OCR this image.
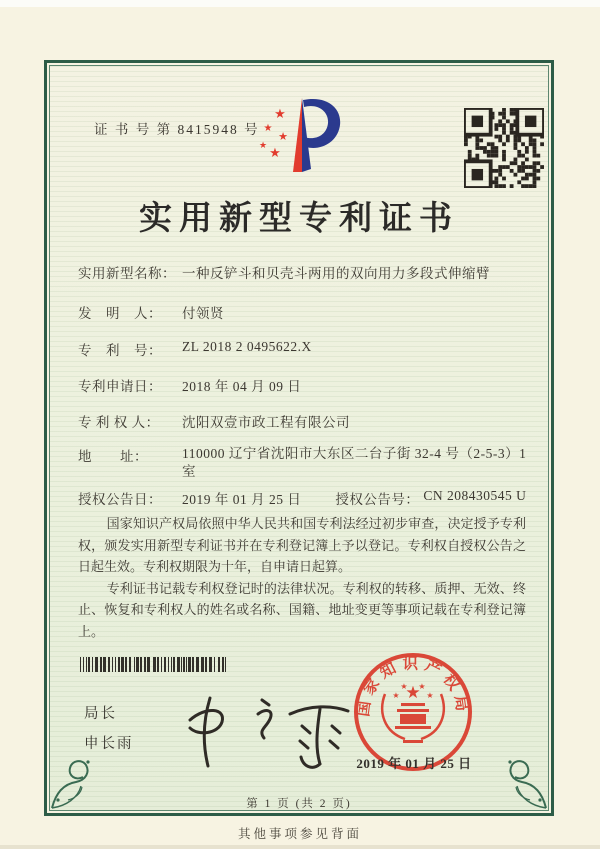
证 书 号 第 8415948 号
★
★
★
★ ★
实用新型专利证书
实用新型名称： 一种反铲斗和贝壳斗两用的双向用力多段式伸缩臂
发　明　人：	付领贤
专　利　号：	ZL 2018 2 0495622.X
专利申请日：	2018 年 04 月 09 日
专 利 权 人：	沈阳双壹市政工程有限公司
地　　址：	110000 辽宁省沈阳市大东区二台子街 32-4 号（2-5-3）1 室
授权公告日：	2019 年 01 月 25 日	授权公告号： CN 208430545 U

国家知识产权局依照中华人民共和国专利法经过初步审查，决定授予专利权，颁发实用新型专利证书并在专利登记簿上予以登记。专利权自授权公告之日起生效。专利权期限为十年，自申请日起算。

专利证书记载专利权登记时的法律状况。专利权的转移、质押、无效、终止、恢复和专利权人的姓名或名称、国籍、地址变更等事项记载在专利登记簿上。

局长
申长雨
国家知识产权局
★
★
★ ★
★
2019 年 01 月 25 日
第 1 页 (共 2 页)
其他事项参见背面
